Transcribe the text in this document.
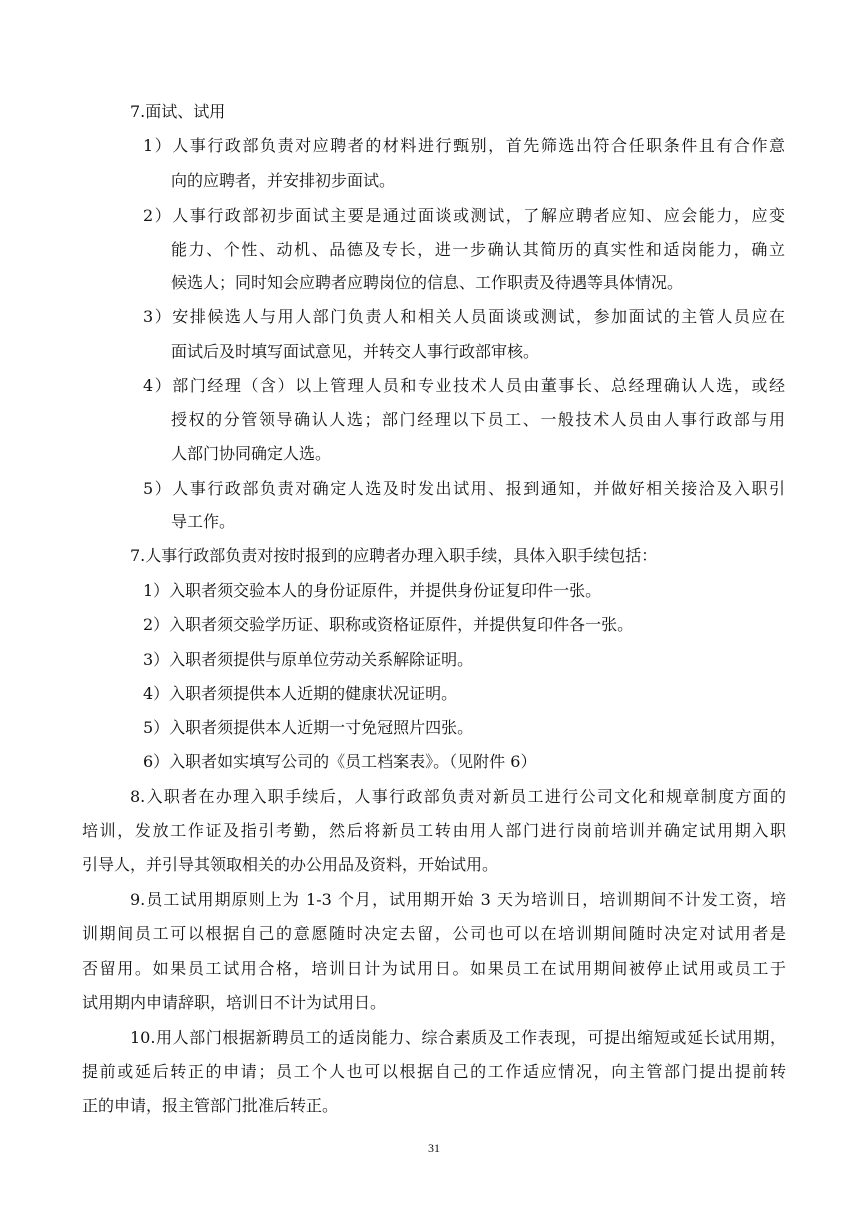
7.面试、试用
1）人事行政部负责对应聘者的材料进行甄别，首先筛选出符合任职条件且有合作意
向的应聘者，并安排初步面试。
2）人事行政部初步面试主要是通过面谈或测试，了解应聘者应知、应会能力，应变
能力、个性、动机、品德及专长，进一步确认其简历的真实性和适岗能力，确立
候选人；同时知会应聘者应聘岗位的信息、工作职责及待遇等具体情况。
3）安排候选人与用人部门负责人和相关人员面谈或测试，参加面试的主管人员应在
面试后及时填写面试意见，并转交人事行政部审核。
4）部门经理（含）以上管理人员和专业技术人员由董事长、总经理确认人选，或经
授权的分管领导确认人选；部门经理以下员工、一般技术人员由人事行政部与用
人部门协同确定人选。
5）人事行政部负责对确定人选及时发出试用、报到通知，并做好相关接洽及入职引
导工作。
7.人事行政部负责对按时报到的应聘者办理入职手续，具体入职手续包括：
1）入职者须交验本人的身份证原件，并提供身份证复印件一张。
2）入职者须交验学历证、职称或资格证原件，并提供复印件各一张。
3）入职者须提供与原单位劳动关系解除证明。
4）入职者须提供本人近期的健康状况证明。
5）入职者须提供本人近期一寸免冠照片四张。
6）入职者如实填写公司的《员工档案表》。（见附件 6）
8.入职者在办理入职手续后，人事行政部负责对新员工进行公司文化和规章制度方面的
培训，发放工作证及指引考勤，然后将新员工转由用人部门进行岗前培训并确定试用期入职
引导人，并引导其领取相关的办公用品及资料，开始试用。
9.员工试用期原则上为 1-3 个月，试用期开始 3 天为培训日，培训期间不计发工资，培
训期间员工可以根据自己的意愿随时决定去留，公司也可以在培训期间随时决定对试用者是
否留用。如果员工试用合格，培训日计为试用日。如果员工在试用期间被停止试用或员工于
试用期内申请辞职，培训日不计为试用日。
10.用人部门根据新聘员工的适岗能力、综合素质及工作表现，可提出缩短或延长试用期，
提前或延后转正的申请；员工个人也可以根据自己的工作适应情况，向主管部门提出提前转
正的申请，报主管部门批准后转正。
31
